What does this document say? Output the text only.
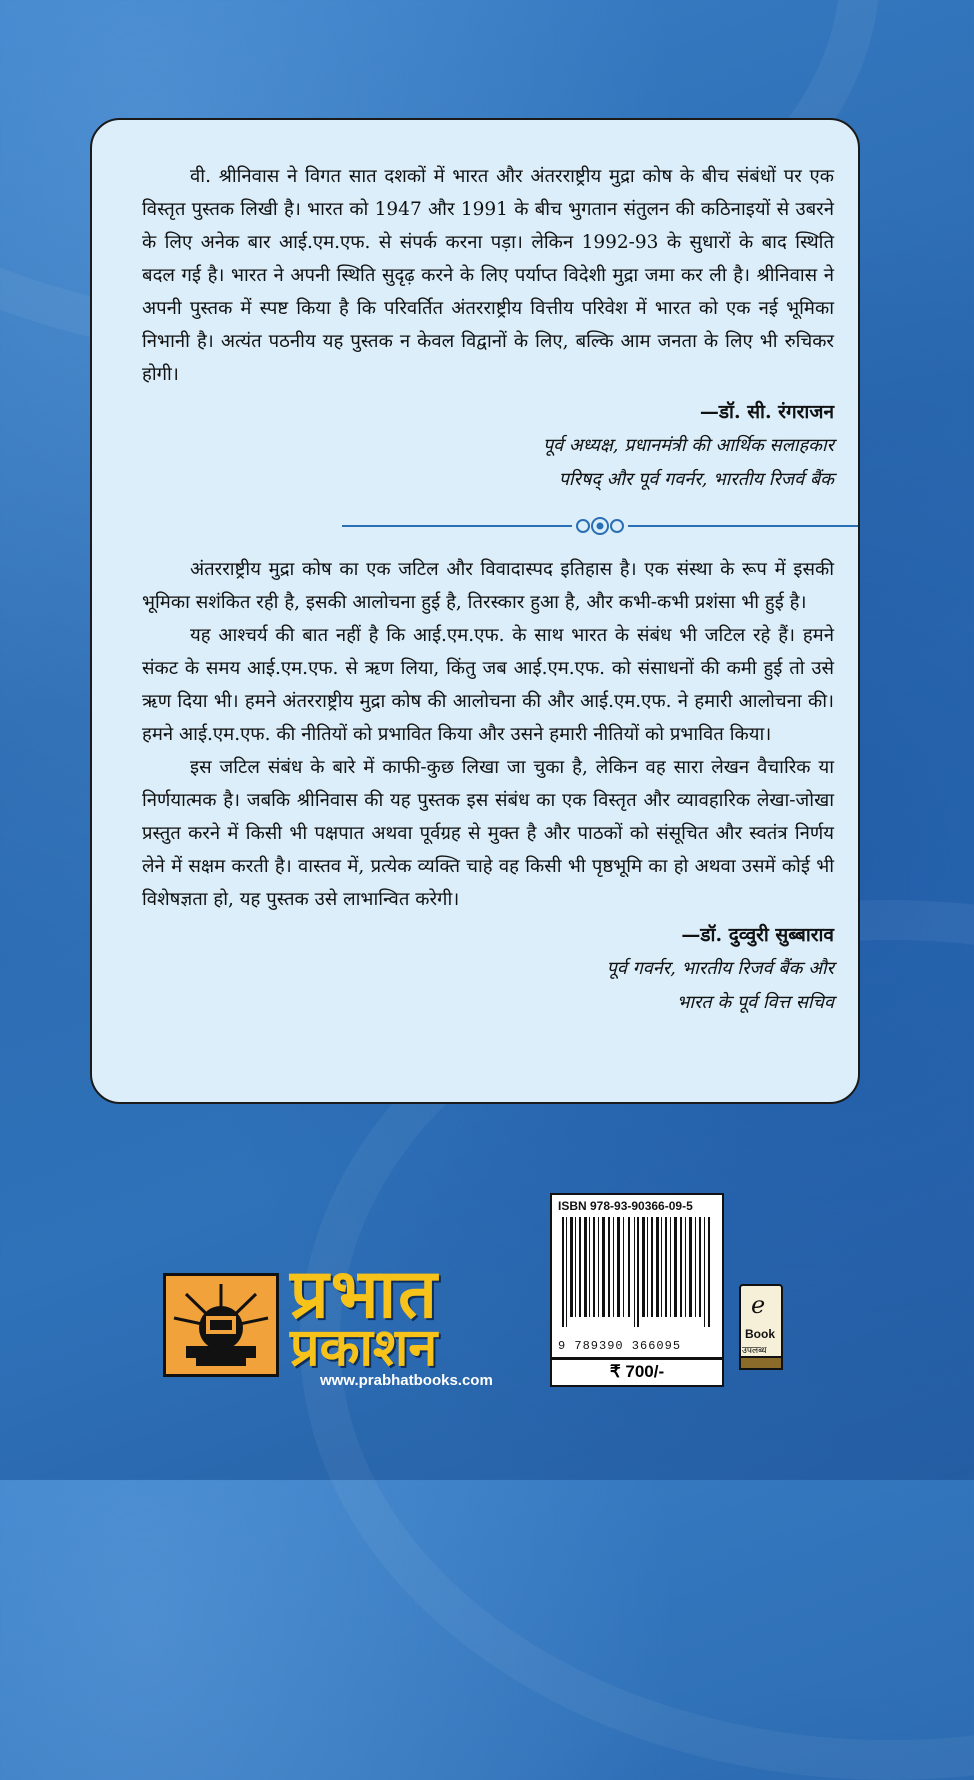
वी. श्रीनिवास ने विगत सात दशकों में भारत और अंतरराष्ट्रीय मुद्रा कोष के बीच संबंधों पर एक विस्तृत पुस्तक लिखी है। भारत को 1947 और 1991 के बीच भुगतान संतुलन की कठिनाइयों से उबरने के लिए अनेक बार आई.एम.एफ. से संपर्क करना पड़ा। लेकिन 1992-93 के सुधारों के बाद स्थिति बदल गई है। भारत ने अपनी स्थिति सुदृढ़ करने के लिए पर्याप्त विदेशी मुद्रा जमा कर ली है। श्रीनिवास ने अपनी पुस्तक में स्पष्ट किया है कि परिवर्तित अंतरराष्ट्रीय वित्तीय परिवेश में भारत को एक नई भूमिका निभानी है। अत्यंत पठनीय यह पुस्तक न केवल विद्वानों के लिए, बल्कि आम जनता के लिए भी रुचिकर होगी।

—डॉ. सी. रंगराजन

पूर्व अध्यक्ष, प्रधानमंत्री की आर्थिक सलाहकार

परिषद् और पूर्व गवर्नर, भारतीय रिजर्व बैंक

अंतरराष्ट्रीय मुद्रा कोष का एक जटिल और विवादास्पद इतिहास है। एक संस्था के रूप में इसकी भूमिका सशंकित रही है, इसकी आलोचना हुई है, तिरस्कार हुआ है, और कभी-कभी प्रशंसा भी हुई है।

यह आश्चर्य की बात नहीं है कि आई.एम.एफ. के साथ भारत के संबंध भी जटिल रहे हैं। हमने संकट के समय आई.एम.एफ. से ऋण लिया, किंतु जब आई.एम.एफ. को संसाधनों की कमी हुई तो उसे ऋण दिया भी। हमने अंतरराष्ट्रीय मुद्रा कोष की आलोचना की और आई.एम.एफ. ने हमारी आलोचना की। हमने आई.एम.एफ. की नीतियों को प्रभावित किया और उसने हमारी नीतियों को प्रभावित किया।

इस जटिल संबंध के बारे में काफी-कुछ लिखा जा चुका है, लेकिन वह सारा लेखन वैचारिक या निर्णयात्मक है। जबकि श्रीनिवास की यह पुस्तक इस संबंध का एक विस्तृत और व्यावहारिक लेखा-जोखा प्रस्तुत करने में किसी भी पक्षपात अथवा पूर्वग्रह से मुक्त है और पाठकों को संसूचित और स्वतंत्र निर्णय लेने में सक्षम करती है। वास्तव में, प्रत्येक व्यक्ति चाहे वह किसी भी पृष्ठभूमि का हो अथवा उसमें कोई भी विशेषज्ञता हो, यह पुस्तक उसे लाभान्वित करेगी।

—डॉ. दुव्वुरी सुब्बाराव

पूर्व गवर्नर, भारतीय रिजर्व बैंक और

भारत के पूर्व वित्त सचिव

प्रभात
प्रकाशन
www.prabhatbooks.com
ISBN 978-93-90366-09-5
9 789390 366095
₹ 700/-
e
Book
उपलब्ध
